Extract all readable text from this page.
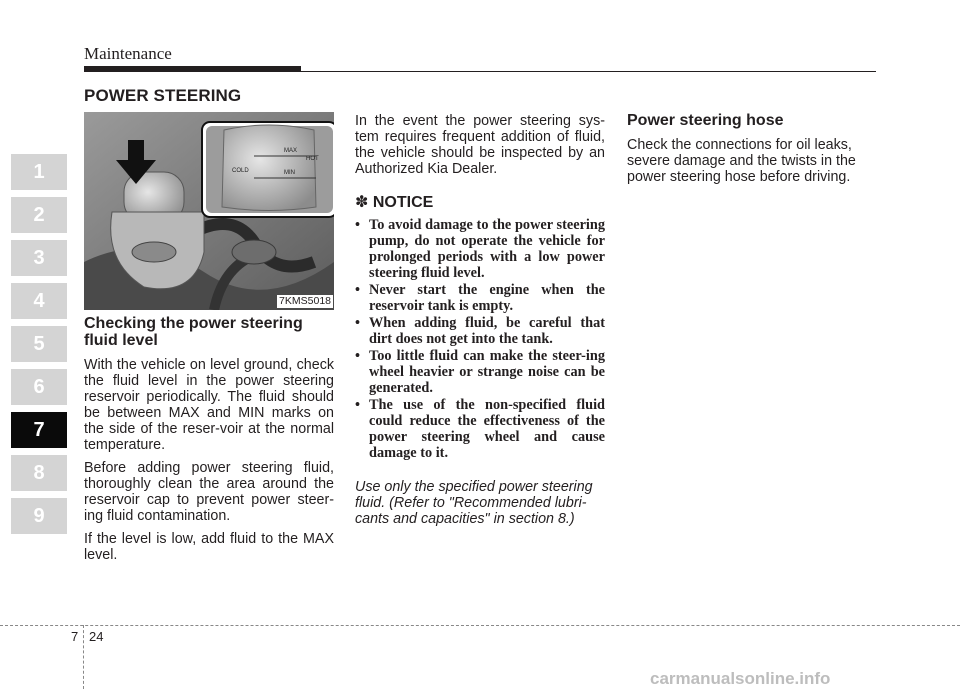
Maintenance
POWER STEERING
1
2
3
4
5
6
7
8
9
MAX
HOT
COLD	MIN
7KMS5018
Checking the power steering fluid level

With the vehicle on level ground, check the fluid level in the power steering reservoir periodically. The fluid should be between MAX and MIN marks on the side of the reser-voir at the normal temperature.

Before adding power steering fluid, thoroughly clean the area around the reservoir cap to prevent power steer-ing fluid contamination.

If the level is low, add fluid to the MAX level.

In the event the power steering sys-tem requires frequent addition of fluid, the vehicle should be inspected by an Authorized Kia Dealer.

✽ NOTICE
• To avoid damage to the power steering pump, do not operate the vehicle for prolonged periods with a low power steering fluid level.
• Never start the engine when the reservoir tank is empty.
• When adding fluid, be careful that dirt does not get into the tank.
• Too little fluid can make the steer-ing wheel heavier or strange noise can be generated.
• The use of the non-specified fluid could reduce the effectiveness of the power steering wheel and cause damage to it.

Use only the specified power steering fluid. (Refer to "Recommended lubri-cants and capacities" in section 8.)

Power steering hose

Check the connections for oil leaks, severe damage and the twists in the power steering hose before driving.

7 24
carmanualsonline.info
